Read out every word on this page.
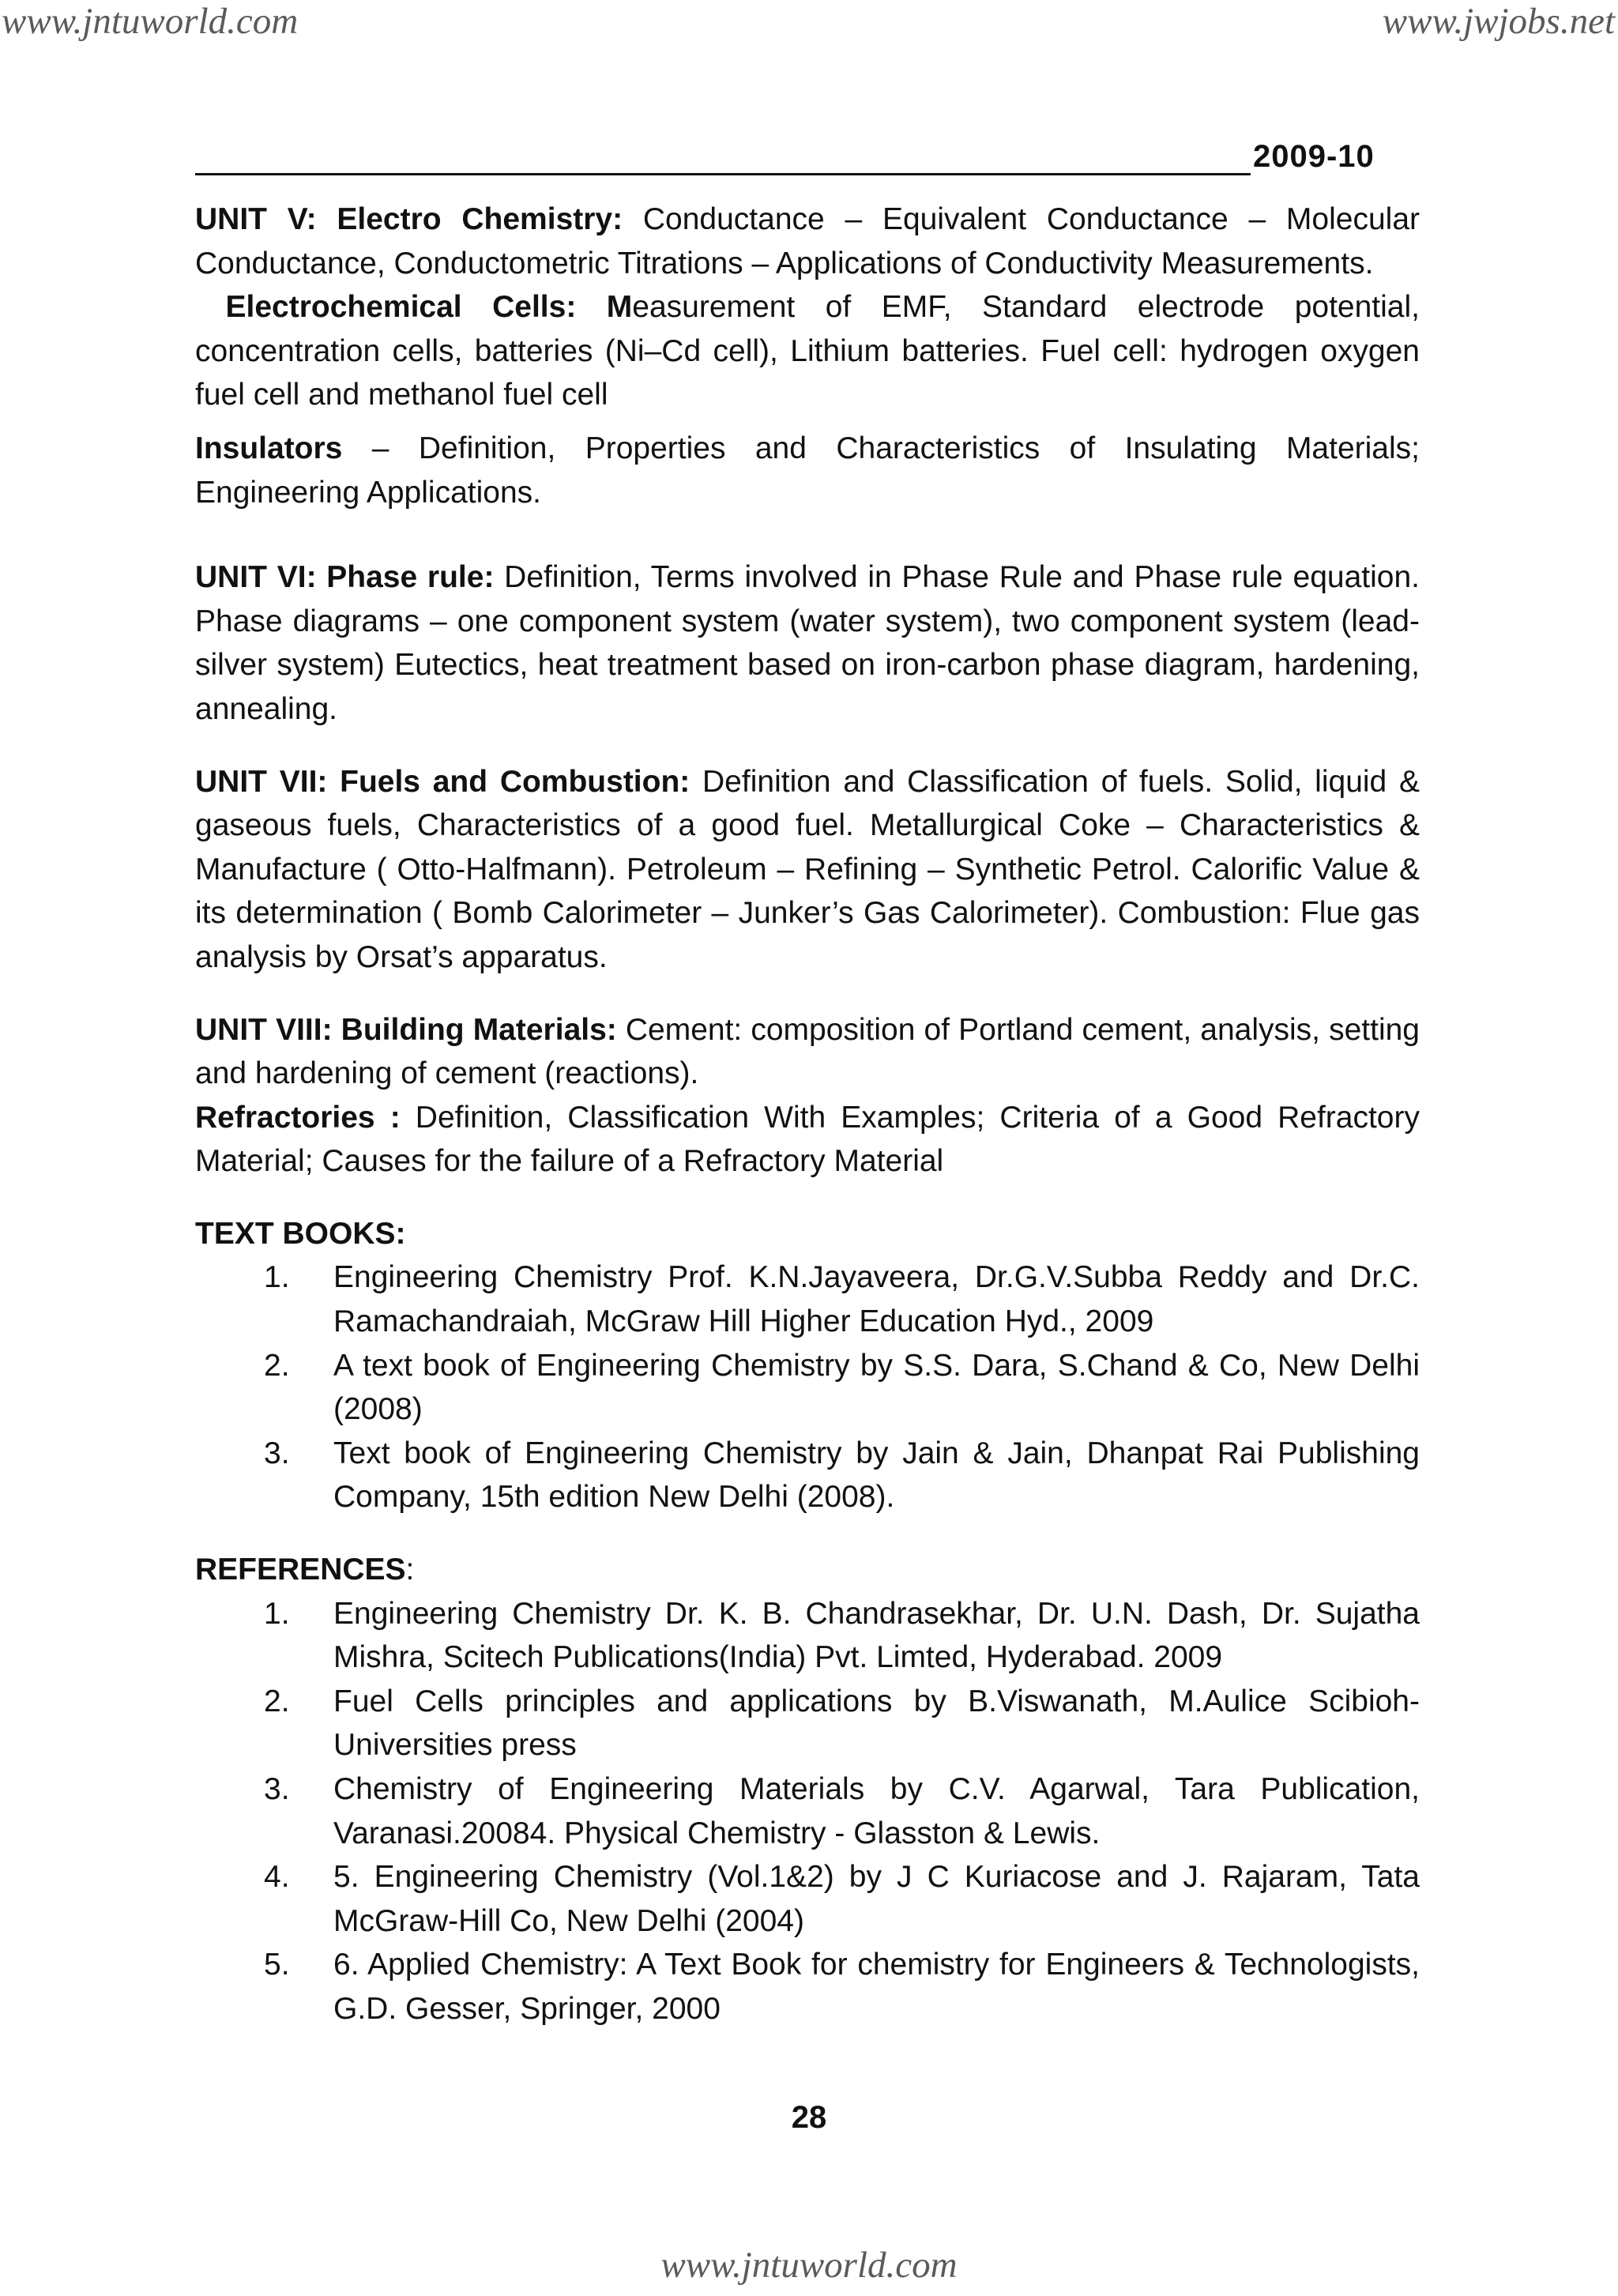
www.jntuworld.com	www.jwjobs.net
2009-10

UNIT V: Electro Chemistry: Conductance – Equivalent Conductance – Molecular Conductance, Conductometric Titrations – Applications of Conductivity Measurements.

Electrochemical Cells: Measurement of EMF, Standard electrode potential, concentration cells, batteries (Ni–Cd cell), Lithium batteries. Fuel cell: hydrogen oxygen fuel cell and methanol fuel cell

Insulators – Definition, Properties and Characteristics of Insulating Materials; Engineering Applications.

UNIT VI: Phase rule: Definition, Terms involved in Phase Rule and Phase rule equation. Phase diagrams – one component system (water system), two component system (lead- silver system) Eutectics, heat treatment based on iron-carbon phase diagram, hardening, annealing.

UNIT VII: Fuels and Combustion: Definition and Classification of fuels. Solid, liquid & gaseous fuels, Characteristics of a good fuel. Metallurgical Coke – Characteristics & Manufacture ( Otto-Halfmann). Petroleum – Refining – Synthetic Petrol. Calorific Value & its determination ( Bomb Calorimeter – Junker’s Gas Calorimeter). Combustion: Flue gas analysis by Orsat’s apparatus.

UNIT VIII: Building Materials: Cement: composition of Portland cement, analysis, setting and hardening of cement (reactions).

Refractories : Definition, Classification With Examples; Criteria of a Good Refractory Material; Causes for the failure of a Refractory Material

TEXT BOOKS:

1. Engineering Chemistry Prof. K.N.Jayaveera, Dr.G.V.Subba Reddy and Dr.C. Ramachandraiah, McGraw Hill Higher Education Hyd., 2009
2. A text book of Engineering Chemistry by S.S. Dara, S.Chand & Co, New Delhi (2008)
3. Text book of Engineering Chemistry by Jain & Jain, Dhanpat Rai Publishing Company, 15th edition New Delhi (2008).

REFERENCES:

1. Engineering Chemistry Dr. K. B. Chandrasekhar, Dr. U.N. Dash, Dr. Sujatha Mishra, Scitech Publications(India) Pvt. Limted, Hyderabad. 2009
2. Fuel Cells principles and applications by B.Viswanath, M.Aulice Scibioh-Universities press
3. Chemistry of Engineering Materials by C.V. Agarwal, Tara Publication, Varanasi.20084. Physical Chemistry - Glasston & Lewis.
4. 5. Engineering Chemistry (Vol.1&2) by J C Kuriacose and J. Rajaram, Tata McGraw-Hill Co, New Delhi (2004)
5. 6. Applied Chemistry: A Text Book for chemistry for Engineers & Technologists, G.D. Gesser, Springer, 2000
28
www.jntuworld.com
